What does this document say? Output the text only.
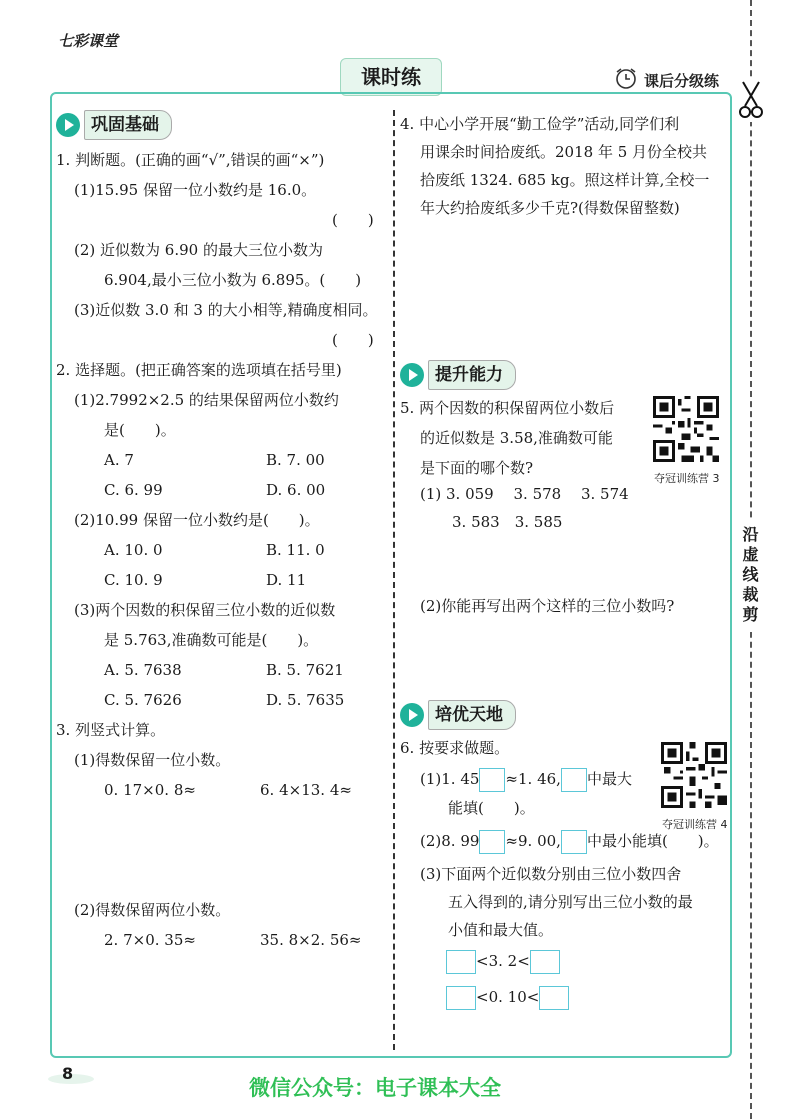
七彩课堂
课时练	课后分级练
沿虚线裁剪
巩固基础
1. 判断题。(正确的画“√”,错误的画“×”)
(1)15.95 保留一位小数约是 16.0。
(　　)
(2) 近似数为 6.90 的最大三位小数为
6.904,最小三位小数为 6.895。(　　)
(3)近似数 3.0 和 3 的大小相等,精确度相同。
(　　)
2. 选择题。(把正确答案的选项填在括号里)
(1)2.7992×2.5 的结果保留两位小数约
是(　　)。
A. 7	B. 7. 00
C. 6. 99	D. 6. 00
(2)10.99 保留一位小数约是(　　)。
A. 10. 0	B. 11. 0
C. 10. 9	D. 11
(3)两个因数的积保留三位小数的近似数
是 5.763,准确数可能是(　　)。
A. 5. 7638	B. 5. 7621
C. 5. 7626	D. 5. 7635
3. 列竖式计算。
(1)得数保留一位小数。
0. 17×0. 8≈	6. 4×13. 4≈
(2)得数保留两位小数。
2. 7×0. 35≈	35. 8×2. 56≈
4. 中心小学开展“勤工俭学”活动,同学们利
用课余时间拾废纸。2018 年 5 月份全校共
拾废纸 1324. 685 kg。照这样计算,全校一
年大约拾废纸多少千克?(得数保留整数)
提升能力
5. 两个因数的积保留两位小数后
的近似数是 3.58,准确数可能
是下面的哪个数?
(1) 3. 059　 3. 578　 3. 574
3. 583　3. 585
(2)你能再写出两个这样的三位小数吗?
夺冠训练营 3
培优天地
6. 按要求做题。
(1)1. 45 ≈1. 46, 中最大
能填(　　)。
(2)8. 99 ≈9. 00, 中最小能填(　　)。
(3)下面两个近似数分别由三位小数四舍
五入得到的,请分别写出三位小数的最
小值和最大值。
<3. 2<
<0. 10<
夺冠训练营 4
8
微信公众号：电子课本大全
